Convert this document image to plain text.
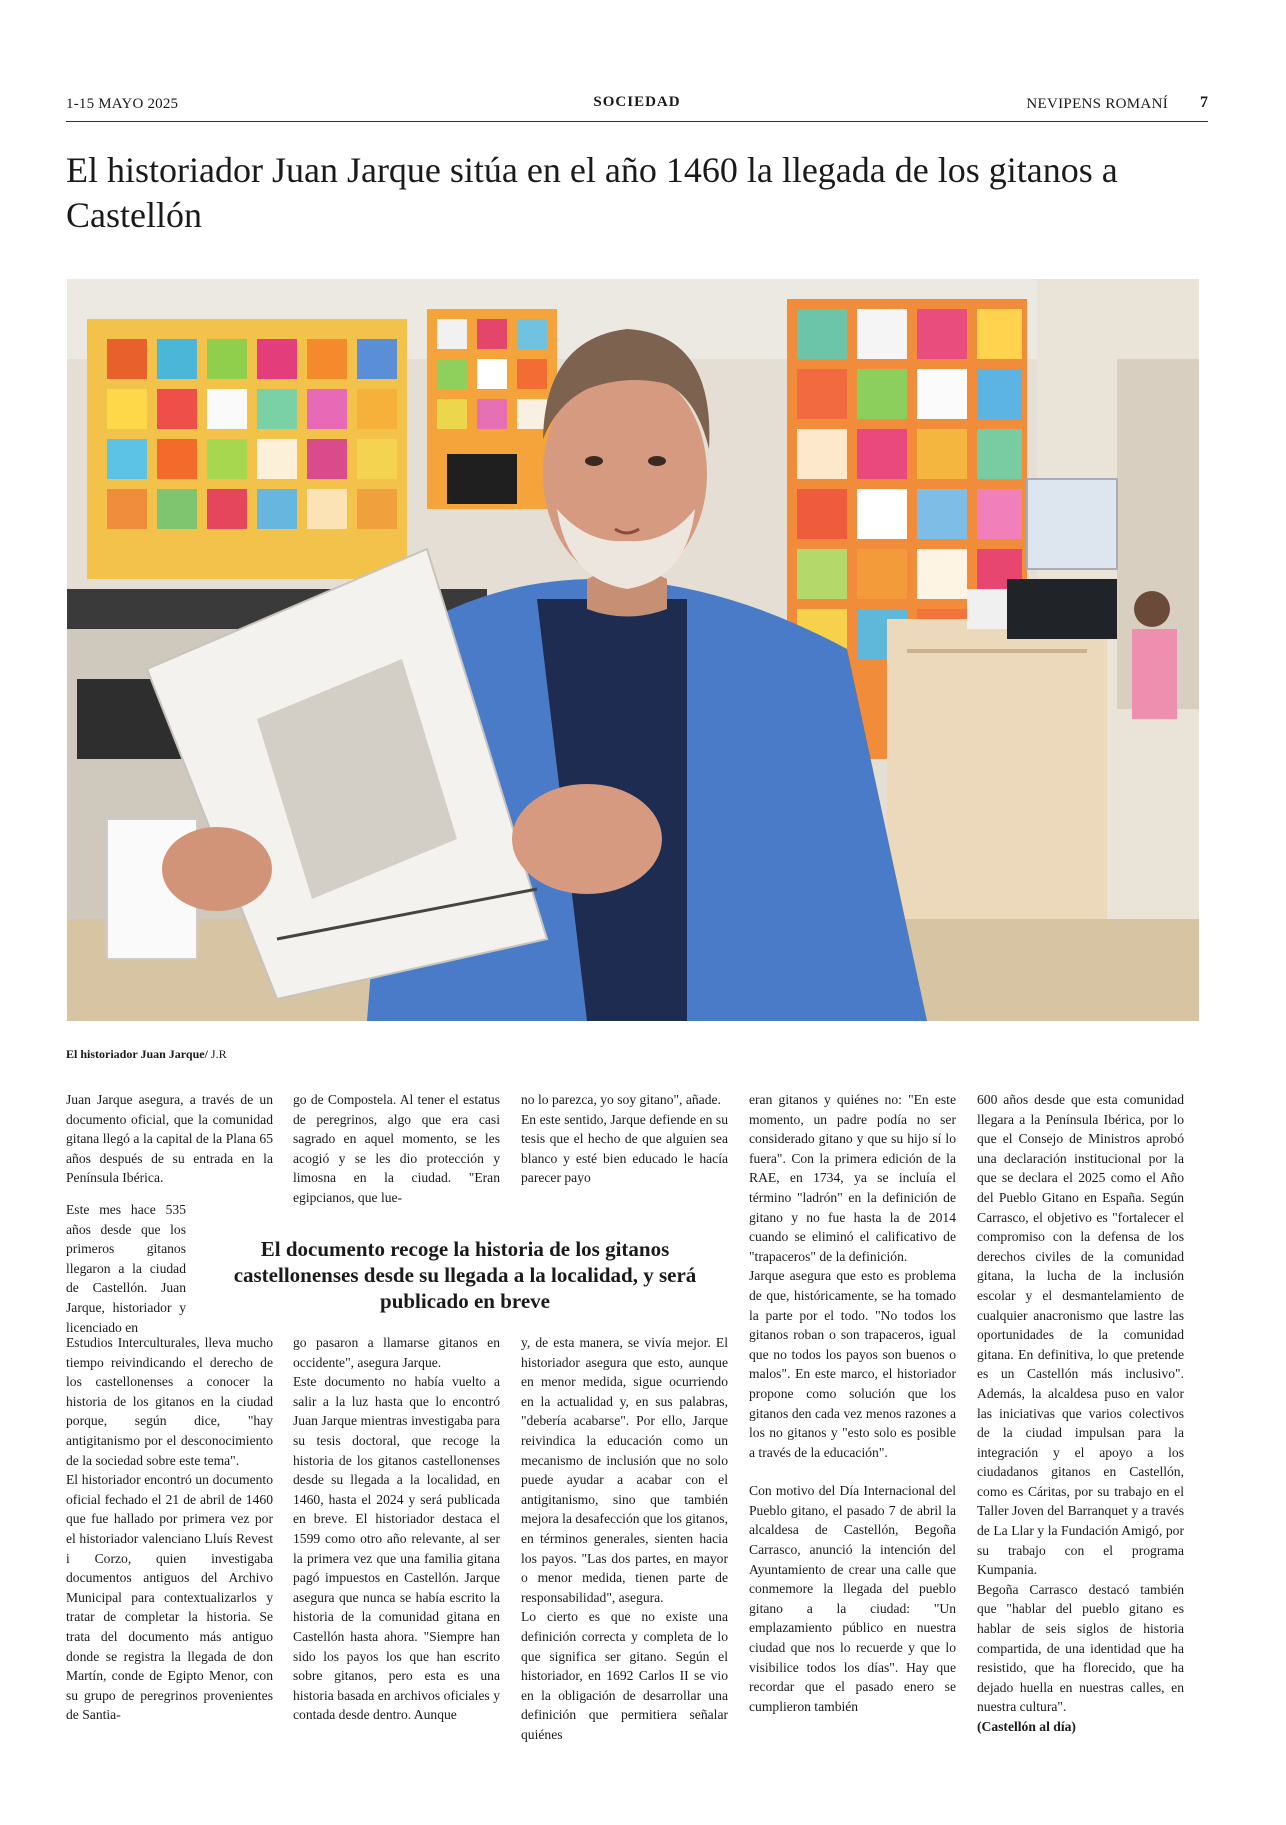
1-15 MAYO 2025	SOCIEDAD	NEVIPENS ROMANÍ 7
El historiador Juan Jarque sitúa en el año 1460 la llegada de los gitanos a Castellón
El historiador Juan Jarque/ J.R

Juan Jarque asegura, a través de un documento oficial, que la comunidad gitana llegó a la capital de la Plana 65 años después de su entrada en la Península Ibérica.

Este mes hace 535 años desde que los primeros gitanos llegaron a la ciudad de Castellón. Juan Jarque, historiador y licenciado en

Estudios Interculturales, lleva mucho tiempo reivindicando el derecho de los castellonenses a conocer la historia de los gitanos en la ciudad porque, según dice, "hay antigitanismo por el desconocimiento de la sociedad sobre este tema".

El historiador encontró un documento oficial fechado el 21 de abril de 1460 que fue hallado por primera vez por el historiador valenciano Lluís Revest i Corzo, quien investigaba documentos antiguos del Archivo Municipal para contextualizarlos y tratar de completar la historia. Se trata del documento más antiguo donde se registra la llegada de don Martín, conde de Egipto Menor, con su grupo de peregrinos provenientes de Santia-

go de Compostela. Al tener el estatus de peregrinos, algo que era casi sagrado en aquel momento, se les acogió y se les dio protección y limosna en la ciudad. "Eran egipcianos, que lue-

go pasaron a llamarse gitanos en occidente", asegura Jarque.

Este documento no había vuelto a salir a la luz hasta que lo encontró Juan Jarque mientras investigaba para su tesis doctoral, que recoge la historia de los gitanos castellonenses desde su llegada a la localidad, en 1460, hasta el 2024 y será publicada en breve. El historiador destaca el 1599 como otro año relevante, al ser la primera vez que una familia gitana pagó impuestos en Castellón. Jarque asegura que nunca se había escrito la historia de la comunidad gitana en Castellón hasta ahora. "Siempre han sido los payos los que han escrito sobre gitanos, pero esta es una historia basada en archivos oficiales y contada desde dentro. Aunque

no lo parezca, yo soy gitano", añade.

En este sentido, Jarque defiende en su tesis que el hecho de que alguien sea blanco y esté bien educado le hacía parecer payo

y, de esta manera, se vivía mejor. El historiador asegura que esto, aunque en menor medida, sigue ocurriendo en la actualidad y, en sus palabras, "debería acabarse". Por ello, Jarque reivindica la educación como un mecanismo de inclusión que no solo puede ayudar a acabar con el antigitanismo, sino que también mejora la desafección que los gitanos, en términos generales, sienten hacia los payos. "Las dos partes, en mayor o menor medida, tienen parte de responsabilidad", asegura.

Lo cierto es que no existe una definición correcta y completa de lo que significa ser gitano. Según el historiador, en 1692 Carlos II se vio en la obligación de desarrollar una definición que permitiera señalar quiénes

eran gitanos y quiénes no: "En este momento, un padre podía no ser considerado gitano y que su hijo sí lo fuera". Con la primera edición de la RAE, en 1734, ya se incluía el término "ladrón" en la definición de gitano y no fue hasta la de 2014 cuando se eliminó el calificativo de "trapaceros" de la definición.

Jarque asegura que esto es problema de que, históricamente, se ha tomado la parte por el todo. "No todos los gitanos roban o son trapaceros, igual que no todos los payos son buenos o malos". En este marco, el historiador propone como solución que los gitanos den cada vez menos razones a los no gitanos y "esto solo es posible a través de la educación".

Con motivo del Día Internacional del Pueblo gitano, el pasado 7 de abril la alcaldesa de Castellón, Begoña Carrasco, anunció la intención del Ayuntamiento de crear una calle que conmemore la llegada del pueblo gitano a la ciudad: "Un emplazamiento público en nuestra ciudad que nos lo recuerde y que lo visibilice todos los días". Hay que recordar que el pasado enero se cumplieron también

600 años desde que esta comunidad llegara a la Península Ibérica, por lo que el Consejo de Ministros aprobó una declaración institucional por la que se declara el 2025 como el Año del Pueblo Gitano en España. Según Carrasco, el objetivo es "fortalecer el compromiso con la defensa de los derechos civiles de la comunidad gitana, la lucha de la inclusión escolar y el desmantelamiento de cualquier anacronismo que lastre las oportunidades de la comunidad gitana. En definitiva, lo que pretende es un Castellón más inclusivo". Además, la alcaldesa puso en valor las iniciativas que varios colectivos de la ciudad impulsan para la integración y el apoyo a los ciudadanos gitanos en Castellón, como es Cáritas, por su trabajo en el Taller Joven del Barranquet y a través de La Llar y la Fundación Amigó, por su trabajo con el programa Kumpania.

Begoña Carrasco destacó también que "hablar del pueblo gitano es hablar de seis siglos de historia compartida, de una identidad que ha resistido, que ha florecido, que ha dejado huella en nuestras calles, en nuestra cultura".

(Castellón al día)

El documento recoge la historia de los gitanos castellonenses desde su llegada a la localidad, y será publicado en breve
